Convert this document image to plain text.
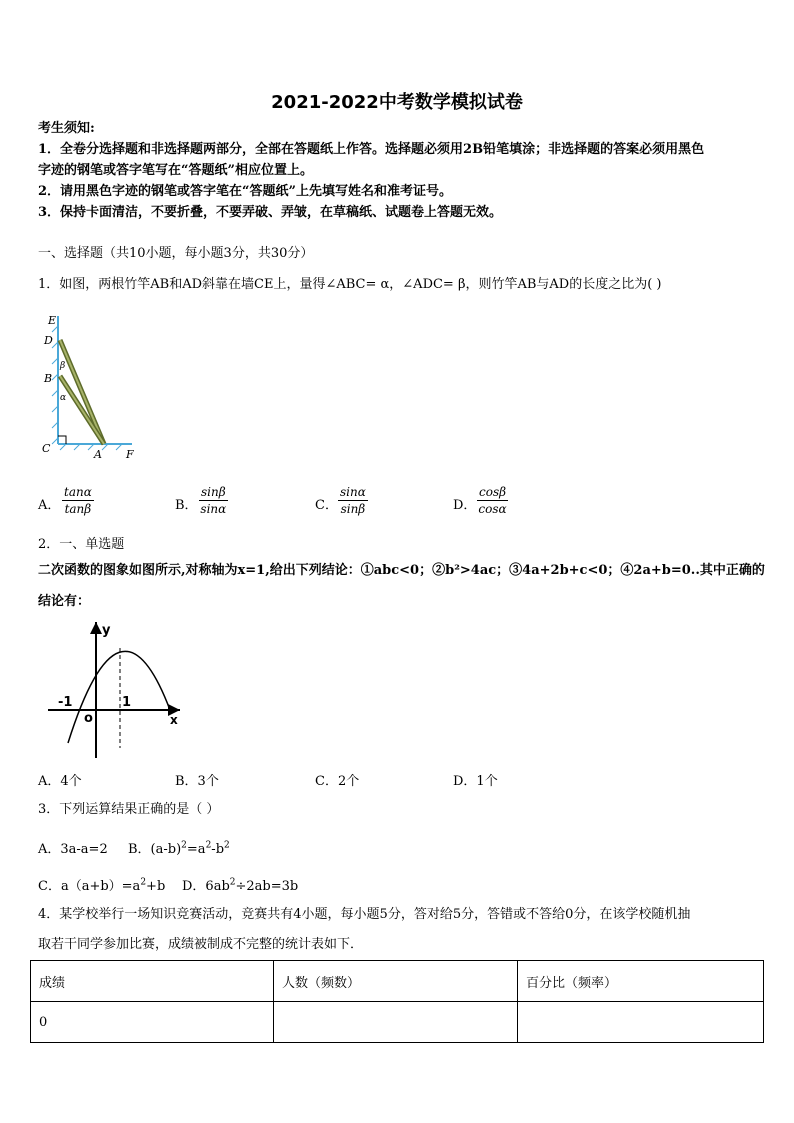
2021-2022中考数学模拟试卷
考生须知:
1．全卷分选择题和非选择题两部分，全部在答题纸上作答。选择题必须用2B铅笔填涂；非选择题的答案必须用黑色
字迹的钢笔或答字笔写在“答题纸”相应位置上。
2．请用黑色字迹的钢笔或答字笔在“答题纸”上先填写姓名和准考证号。
3．保持卡面清洁，不要折叠，不要弄破、弄皱，在草稿纸、试题卷上答题无效。
一、选择题（共10小题，每小题3分，共30分）
1．如图，两根竹竿AB和AD斜靠在墙CE上，量得∠ABC= α，∠ADC= β，则竹竿AB与AD的长度之比为( )
E
D
B
C	A F
β
α
A． $\frac{\tan\alpha}{\tan\beta}$	B． $\frac{\sin\beta}{\sin\alpha}$	C． $\frac{\sin\alpha}{\sin\beta}$	D． $\frac{\cos\beta}{\cos\alpha}$
2．一、单选题
二次函数的图象如图所示,对称轴为x=1,给出下列结论：①abc<0；②b²>4ac；③4a+2b+c<0；④2a+b=0..其中正确的
结论有：
y
x
-1	1
o
A．4个	B．3个	C．2个	D．1个
3．下列运算结果正确的是（ ）
A．3a-a=2 B．$(a-b)^2=a^2-b^2$
C．$a(a+b)=a^2+b$ D．$6ab^2\div 2ab=3b$
4．某学校举行一场知识竞赛活动，竞赛共有4小题，每小题5分，答对给5分，答错或不答给0分，在该学校随机抽
取若干同学参加比赛，成绩被制成不完整的统计表如下．
成绩	人数（频数）	百分比（频率）
0		
